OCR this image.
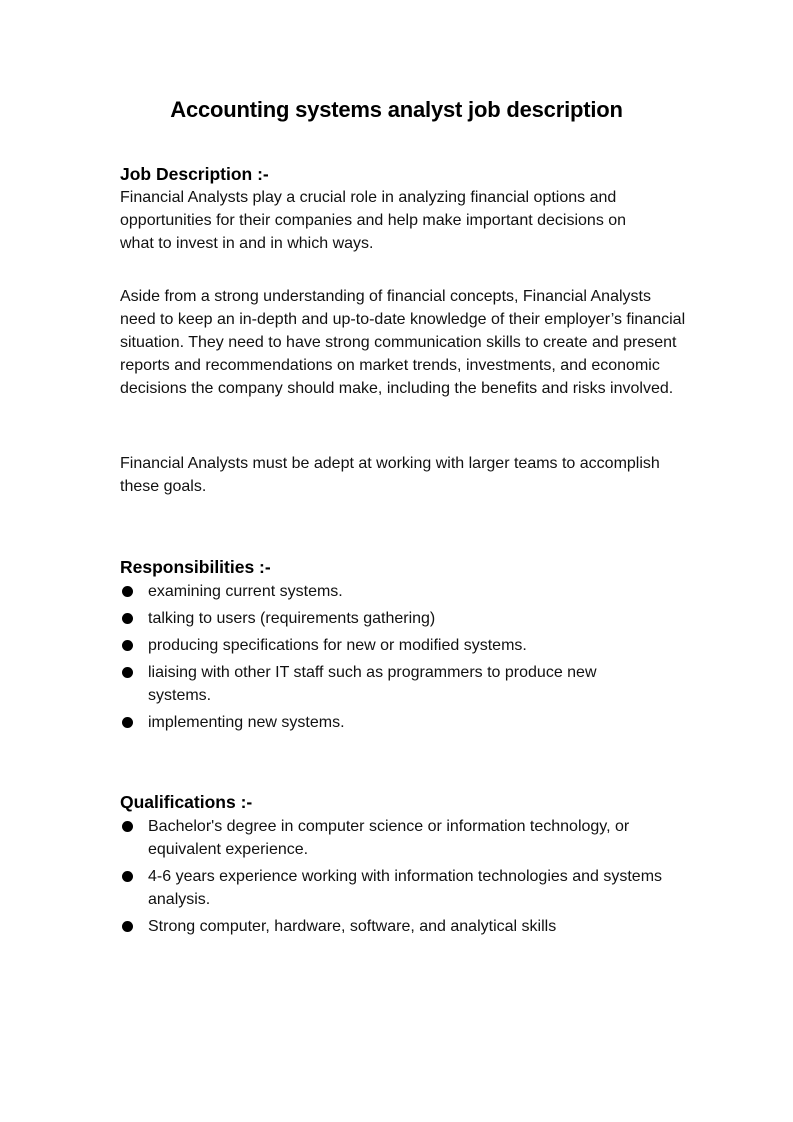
Accounting systems analyst job description

Job Description :-

Financial Analysts play a crucial role in analyzing financial options and opportunities for their companies and help make important decisions on what to invest in and in which ways.

Aside from a strong understanding of financial concepts, Financial Analysts need to keep an in-depth and up-to-date knowledge of their employer’s financial situation. They need to have strong communication skills to create and present reports and recommendations on market trends, investments, and economic decisions the company should make, including the benefits and risks involved.

Financial Analysts must be adept at working with larger teams to accomplish these goals.

Responsibilities :-

examining current systems.
talking to users (requirements gathering)
producing specifications for new or modified systems.
liaising with other IT staff such as programmers to produce new systems.
implementing new systems.

Qualifications :-

Bachelor's degree in computer science or information technology, or equivalent experience.
4-6 years experience working with information technologies and systems analysis.
Strong computer, hardware, software, and analytical skills
